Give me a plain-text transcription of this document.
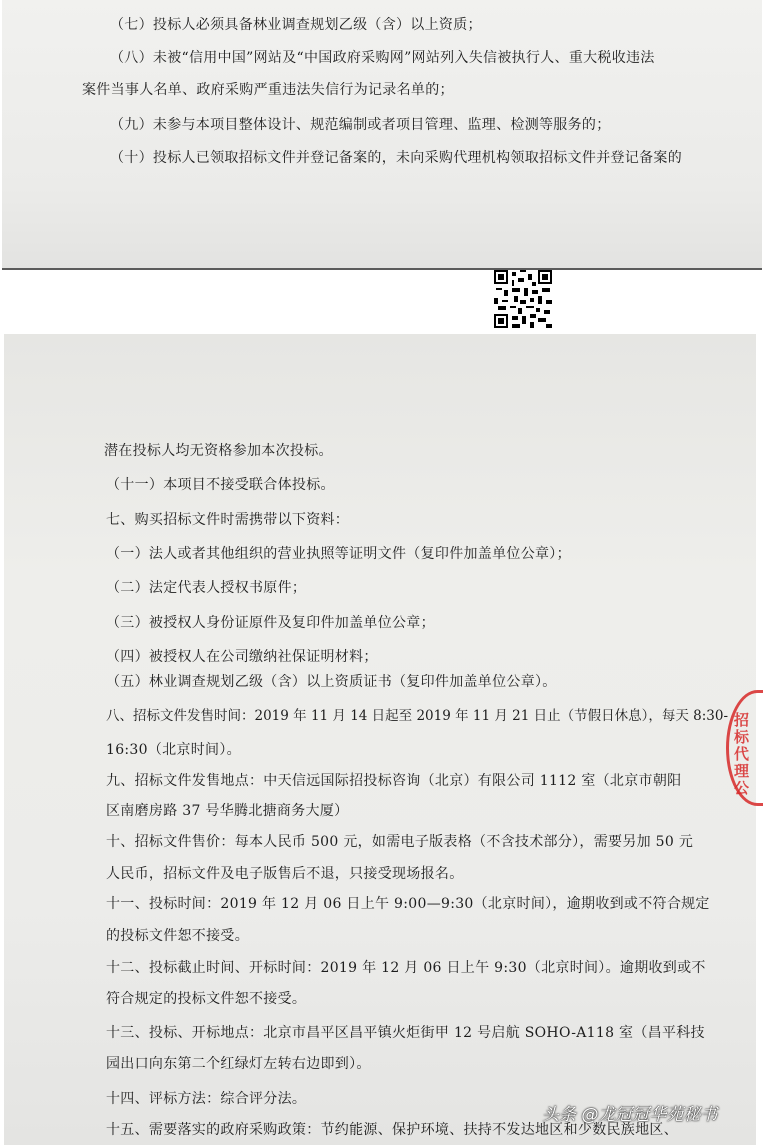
（七）投标人必须具备林业调查规划乙级（含）以上资质；
（八）未被“信用中国”网站及“中国政府采购网”网站列入失信被执行人、重大税收违法
案件当事人名单、政府采购严重违法失信行为记录名单的；
（九）未参与本项目整体设计、规范编制或者项目管理、监理、检测等服务的；
（十）投标人已领取招标文件并登记备案的，未向采购代理机构领取招标文件并登记备案的
潜在投标人均无资格参加本次投标。
（十一）本项目不接受联合体投标。
七、购买招标文件时需携带以下资料：
（一）法人或者其他组织的营业执照等证明文件（复印件加盖单位公章）；
（二）法定代表人授权书原件；
（三）被授权人身份证原件及复印件加盖单位公章；
（四）被授权人在公司缴纳社保证明材料；
（五）林业调查规划乙级（含）以上资质证书（复印件加盖单位公章）。
八、招标文件发售时间：2019 年 11 月 14 日起至 2019 年 11 月 21 日止（节假日休息），每天 8:30-
16:30（北京时间）。
九、招标文件发售地点：中天信远国际招投标咨询（北京）有限公司 1112 室（北京市朝阳
区南磨房路 37 号华腾北搪商务大厦）
十、招标文件售价：每本人民币 500 元，如需电子版表格（不含技术部分），需要另加 50 元
人民币，招标文件及电子版售后不退，只接受现场报名。
十一、投标时间：2019 年 12 月 06 日上午 9:00—9:30（北京时间），逾期收到或不符合规定
的投标文件恕不接受。
十二、投标截止时间、开标时间：2019 年 12 月 06 日上午 9:30（北京时间）。逾期收到或不
符合规定的投标文件恕不接受。
十三、投标、开标地点：北京市昌平区昌平镇火炬街甲 12 号启航 SOHO-A118 室（昌平科技
园出口向东第二个红绿灯左转右边即到）。
十四、评标方法：综合评分法。
十五、需要落实的政府采购政策：节约能源、保护环境、扶持不发达地区和少数民族地区、
招标代理公
头条 @龙冠冠华苑秘书
